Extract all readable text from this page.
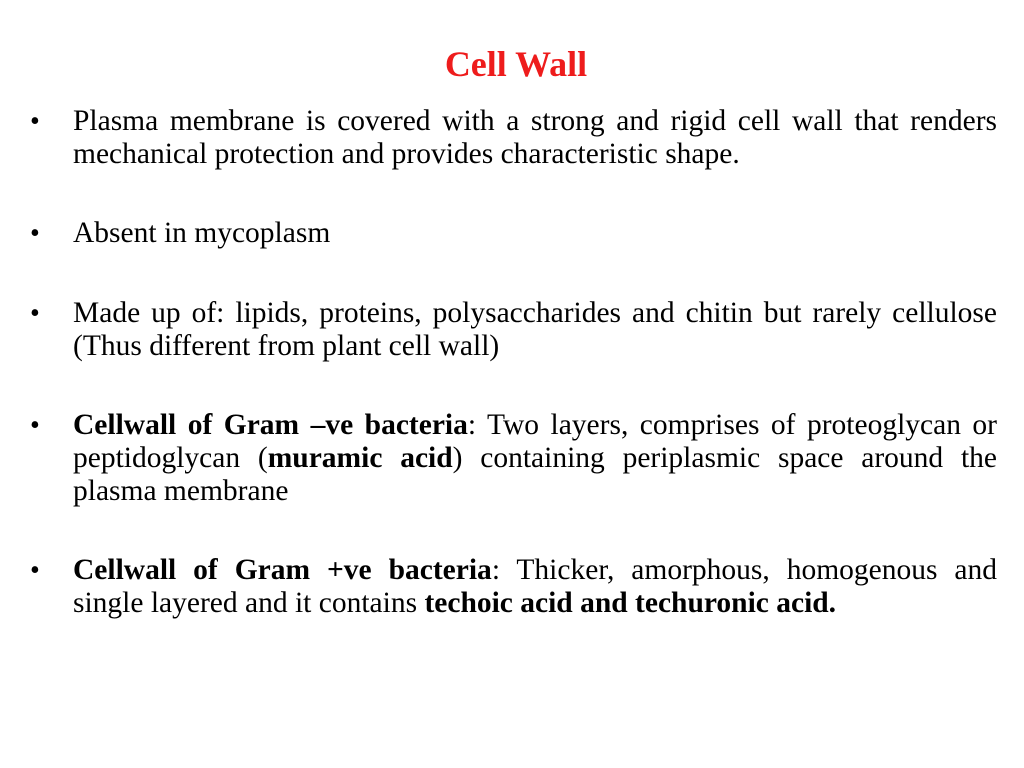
Cell Wall
• Plasma membrane is covered with a strong and rigid cell wall that renders mechanical protection and provides characteristic shape.

• Absent in mycoplasm

• Made up of: lipids, proteins, polysaccharides and chitin but rarely cellulose (Thus different from plant cell wall)

• Cellwall of Gram –ve bacteria: Two layers, comprises of proteoglycan or peptidoglycan (muramic acid) containing periplasmic space around the plasma membrane

• Cellwall of Gram +ve bacteria: Thicker, amorphous, homogenous and single layered and it contains techoic acid and techuronic acid.
